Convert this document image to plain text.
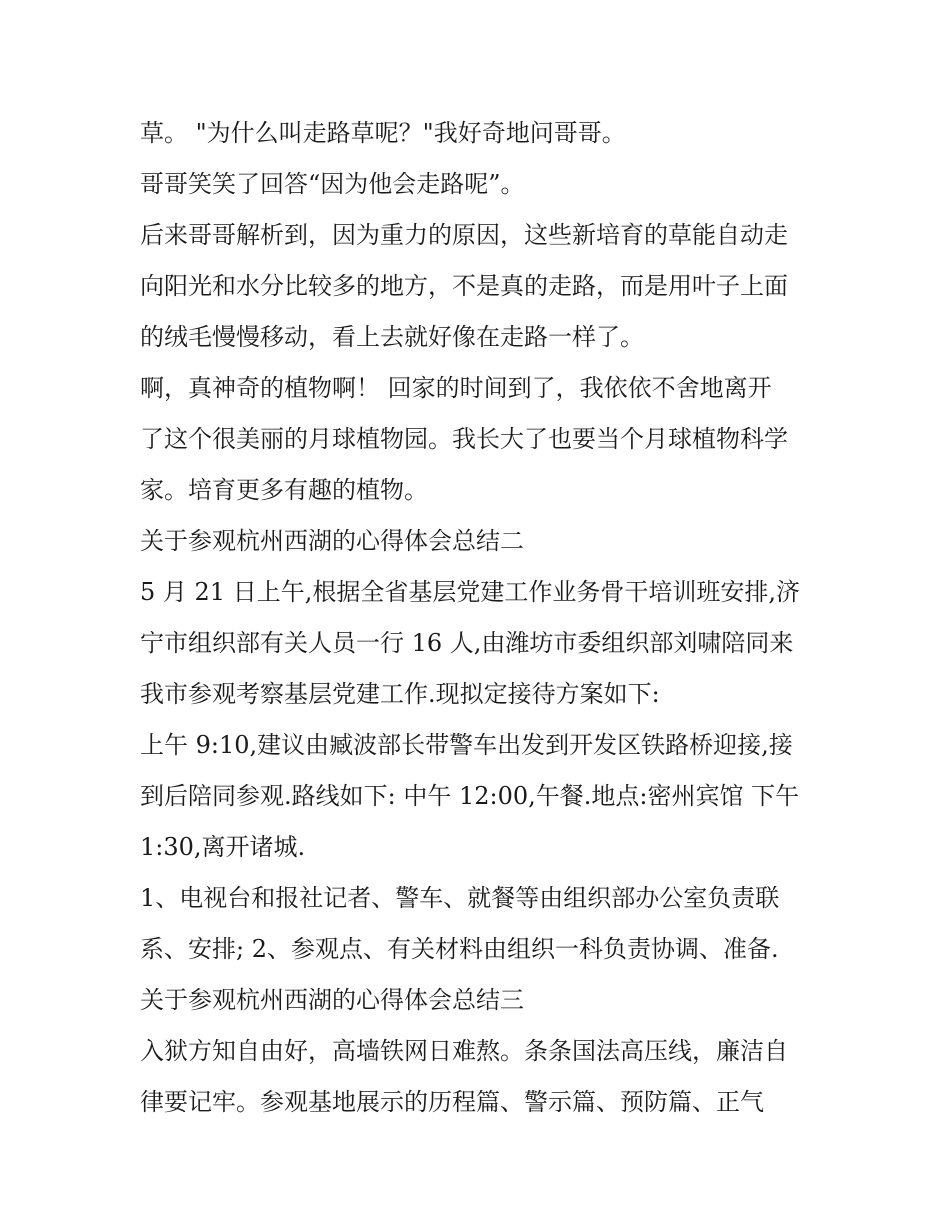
草。 "为什么叫走路草呢？"我好奇地问哥哥。
哥哥笑笑了回答“因为他会走路呢”。
后来哥哥解析到，因为重力的原因，这些新培育的草能自动走
向阳光和水分比较多的地方，不是真的走路，而是用叶子上面
的绒毛慢慢移动，看上去就好像在走路一样了。
啊，真神奇的植物啊！ 回家的时间到了，我依依不舍地离开
了这个很美丽的月球植物园。我长大了也要当个月球植物科学
家。培育更多有趣的植物。
关于参观杭州西湖的心得体会总结二
5 月 21 日上午,根据全省基层党建工作业务骨干培训班安排,济
宁市组织部有关人员一行 16 人,由潍坊市委组织部刘啸陪同来
我市参观考察基层党建工作.现拟定接待方案如下:
上午 9:10,建议由臧波部长带警车出发到开发区铁路桥迎接,接
到后陪同参观.路线如下: 中午 12:00,午餐.地点:密州宾馆 下午
1:30,离开诸城.
1、电视台和报社记者、警车、就餐等由组织部办公室负责联
系、安排; 2、参观点、有关材料由组织一科负责协调、准备.
关于参观杭州西湖的心得体会总结三
入狱方知自由好，高墙铁网日难熬。条条国法高压线，廉洁自
律要记牢。参观基地展示的历程篇、警示篇、预防篇、正气
